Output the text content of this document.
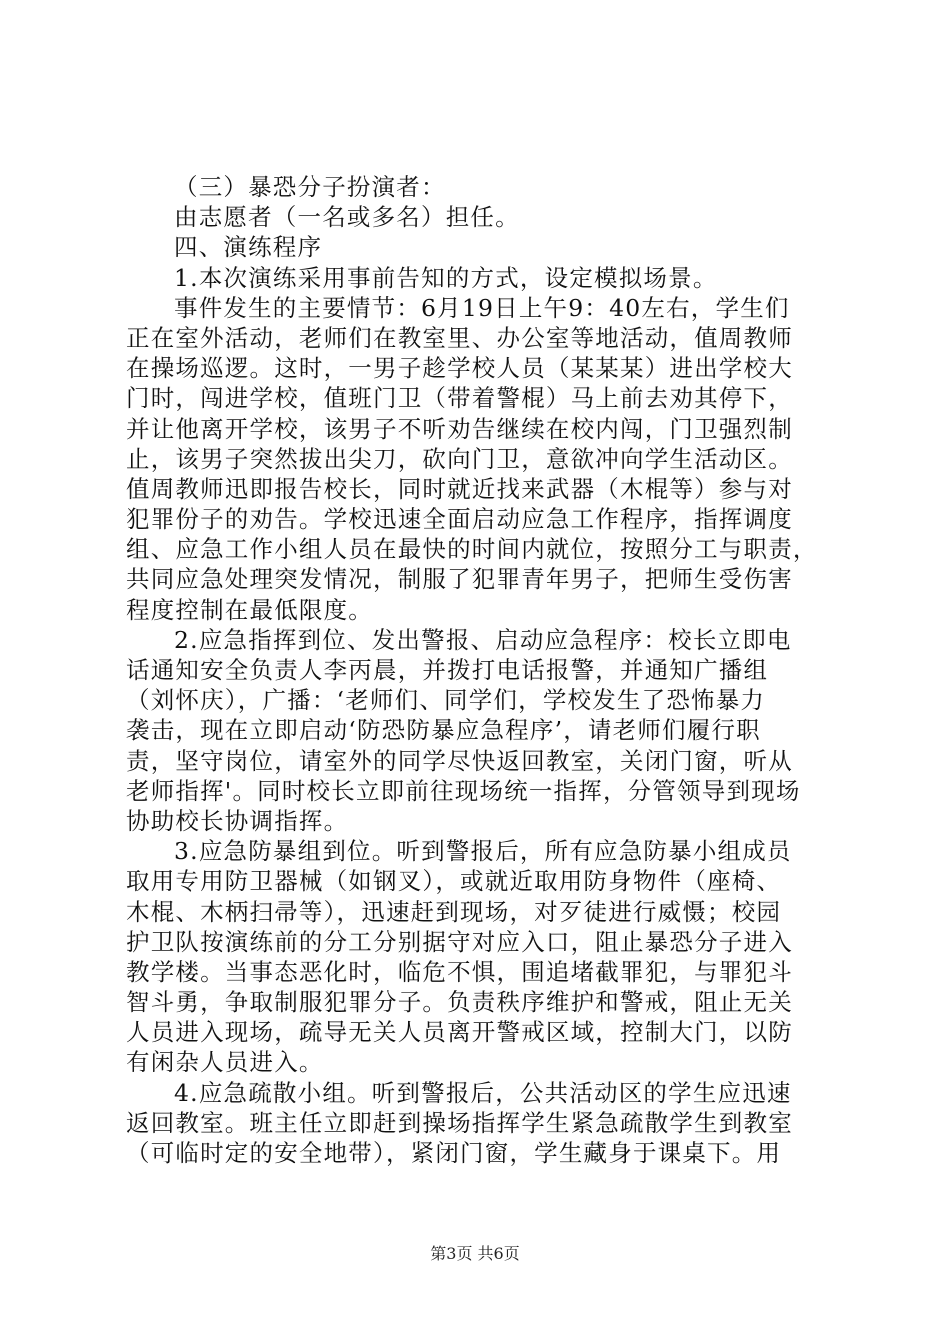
（三）暴恐分子扮演者：
由志愿者（一名或多名）担任。
四、演练程序
1.本次演练采用事前告知的方式，设定模拟场景。
事件发生的主要情节：6月19日上午9：40左右，学生们
正在室外活动，老师们在教室里、办公室等地活动，值周教师
在操场巡逻。这时，一男子趁学校人员（某某某）进出学校大
门时，闯进学校，值班门卫（带着警棍）马上前去劝其停下，
并让他离开学校，该男子不听劝告继续在校内闯，门卫强烈制
止，该男子突然拔出尖刀，砍向门卫，意欲冲向学生活动区。
值周教师迅即报告校长，同时就近找来武器（木棍等）参与对
犯罪份子的劝告。学校迅速全面启动应急工作程序，指挥调度
组、应急工作小组人员在最快的时间内就位，按照分工与职责，
共同应急处理突发情况，制服了犯罪青年男子，把师生受伤害
程度控制在最低限度。
2.应急指挥到位、发出警报、启动应急程序：校长立即电
话通知安全负责人李丙晨，并拨打电话报警，并通知广播组
（刘怀庆），广播：‘老师们、同学们，学校发生了恐怖暴力
袭击，现在立即启动‘防恐防暴应急程序’，请老师们履行职
责，坚守岗位，请室外的同学尽快返回教室，关闭门窗，听从
老师指挥'。同时校长立即前往现场统一指挥，分管领导到现场
协助校长协调指挥。
3.应急防暴组到位。听到警报后，所有应急防暴小组成员
取用专用防卫器械（如钢叉），或就近取用防身物件（座椅、
木棍、木柄扫帚等），迅速赶到现场，对歹徒进行威慑；校园
护卫队按演练前的分工分别据守对应入口，阻止暴恐分子进入
教学楼。当事态恶化时，临危不惧，围追堵截罪犯，与罪犯斗
智斗勇，争取制服犯罪分子。负责秩序维护和警戒，阻止无关
人员进入现场，疏导无关人员离开警戒区域，控制大门，以防
有闲杂人员进入。
4.应急疏散小组。听到警报后，公共活动区的学生应迅速
返回教室。班主任立即赶到操场指挥学生紧急疏散学生到教室
（可临时定的安全地带），紧闭门窗，学生藏身于课桌下。用
第3页 共6页
